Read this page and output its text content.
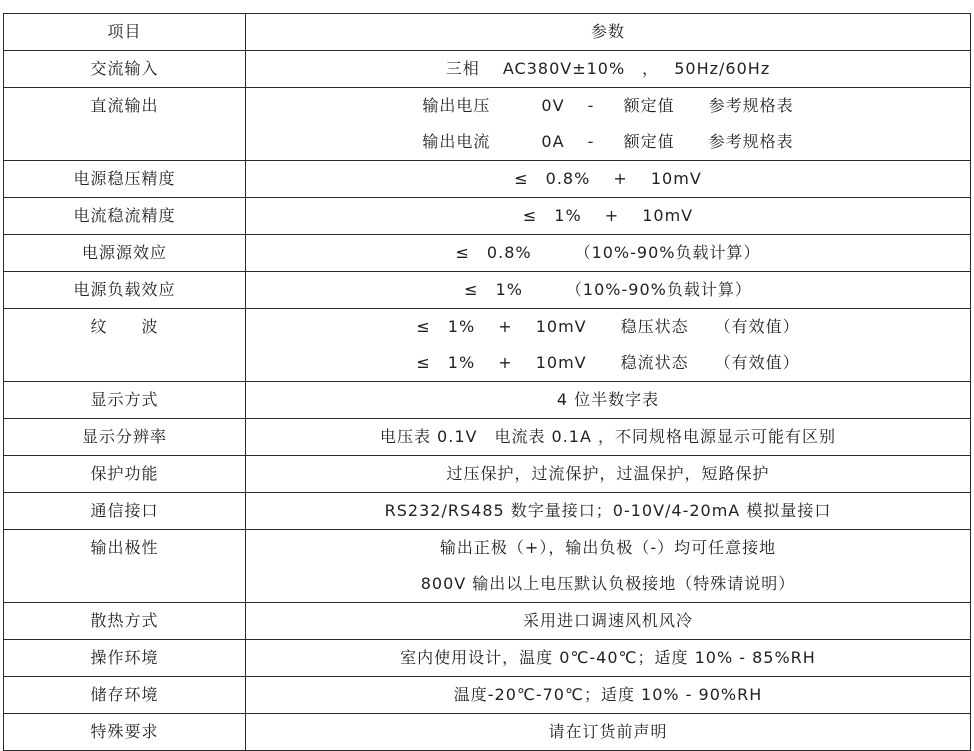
项目	参数

交流输入	三相　 AC380V±10%　，　 50Hz/60Hz

直流输出	输出电压　　　0V　 - 　 额定值　　参考规格表
输出电流　　　0A　 - 　 额定值　　参考规格表

电源稳压精度	≤　0.8%　 + 　10mV

电流稳流精度	≤　1%　 + 　10mV

电源源效应	≤　0.8%　　　（10%-90%负载计算）

电源负载效应	≤　1%　　　（10%-90%负载计算）

纹　　波	≤　1%　 + 　10mV　　稳压状态　　（有效值）
≤　1%　 + 　10mV　　稳流状态　　（有效值）

显示方式	4 位半数字表

显示分辨率	电压表 0.1V　电流表 0.1A ，不同规格电源显示可能有区别

保护功能	过压保护，过流保护，过温保护，短路保护

通信接口	RS232/RS485 数字量接口；0-10V/4-20mA 模拟量接口

输出极性	输出正极（+），输出负极（-）均可任意接地
800V 输出以上电压默认负极接地（特殊请说明）

散热方式	采用进口调速风机风冷

操作环境	室内使用设计，温度 0℃-40℃；适度 10% - 85%RH

储存环境	温度-20℃-70℃；适度 10% - 90%RH

特殊要求	请在订货前声明
